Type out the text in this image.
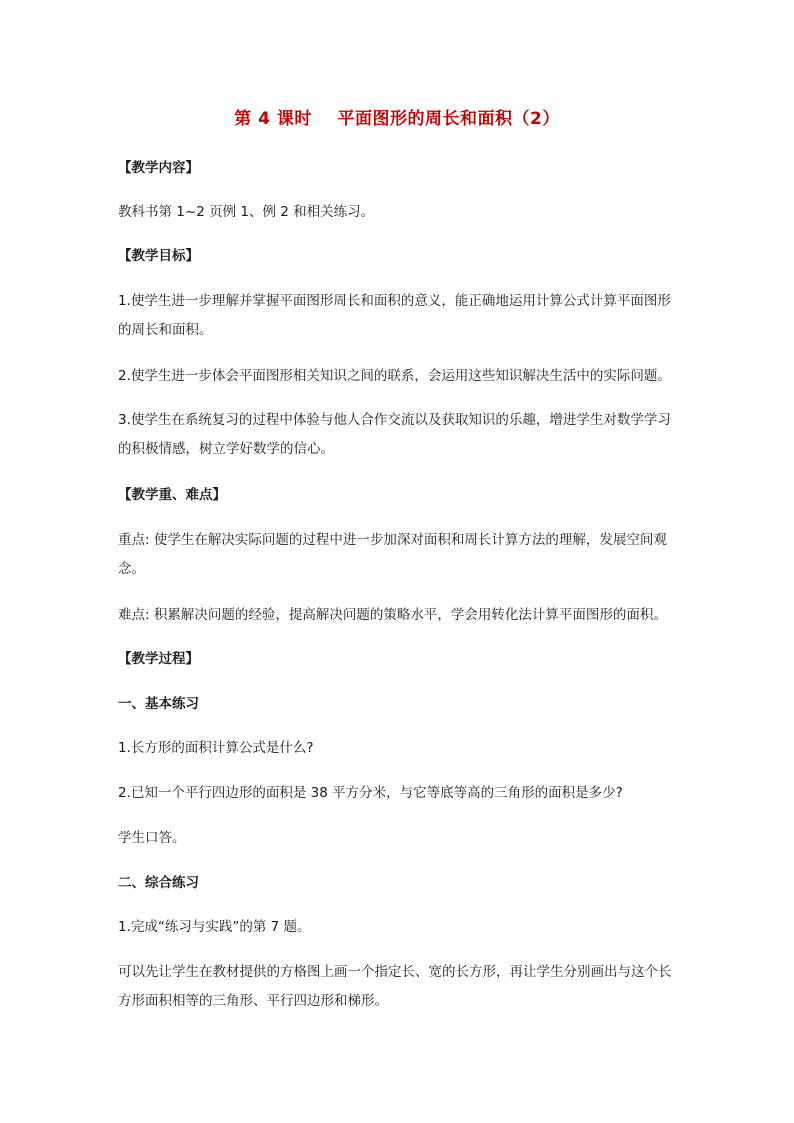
第 4 课时    平面图形的周长和面积（2）
【教学内容】
教科书第 1~2 页例 1、例 2 和相关练习。
【教学目标】
1.使学生进一步理解并掌握平面图形周长和面积的意义，能正确地运用计算公式计算平面图形的周长和面积。
2.使学生进一步体会平面图形相关知识之间的联系，会运用这些知识解决生活中的实际问题。
3.使学生在系统复习的过程中体验与他人合作交流以及获取知识的乐趣，增进学生对数学学习的积极情感，树立学好数学的信心。
【教学重、难点】
重点: 使学生在解决实际问题的过程中进一步加深对面积和周长计算方法的理解，发展空间观念。
难点: 积累解决问题的经验，提高解决问题的策略水平，学会用转化法计算平面图形的面积。
【教学过程】
一、基本练习
1.长方形的面积计算公式是什么?
2.已知一个平行四边形的面积是 38 平方分米，与它等底等高的三角形的面积是多少?
学生口答。
二、综合练习
1.完成“练习与实践”的第 7 题。
可以先让学生在教材提供的方格图上画一个指定长、宽的长方形，再让学生分别画出与这个长方形面积相等的三角形、平行四边形和梯形。
